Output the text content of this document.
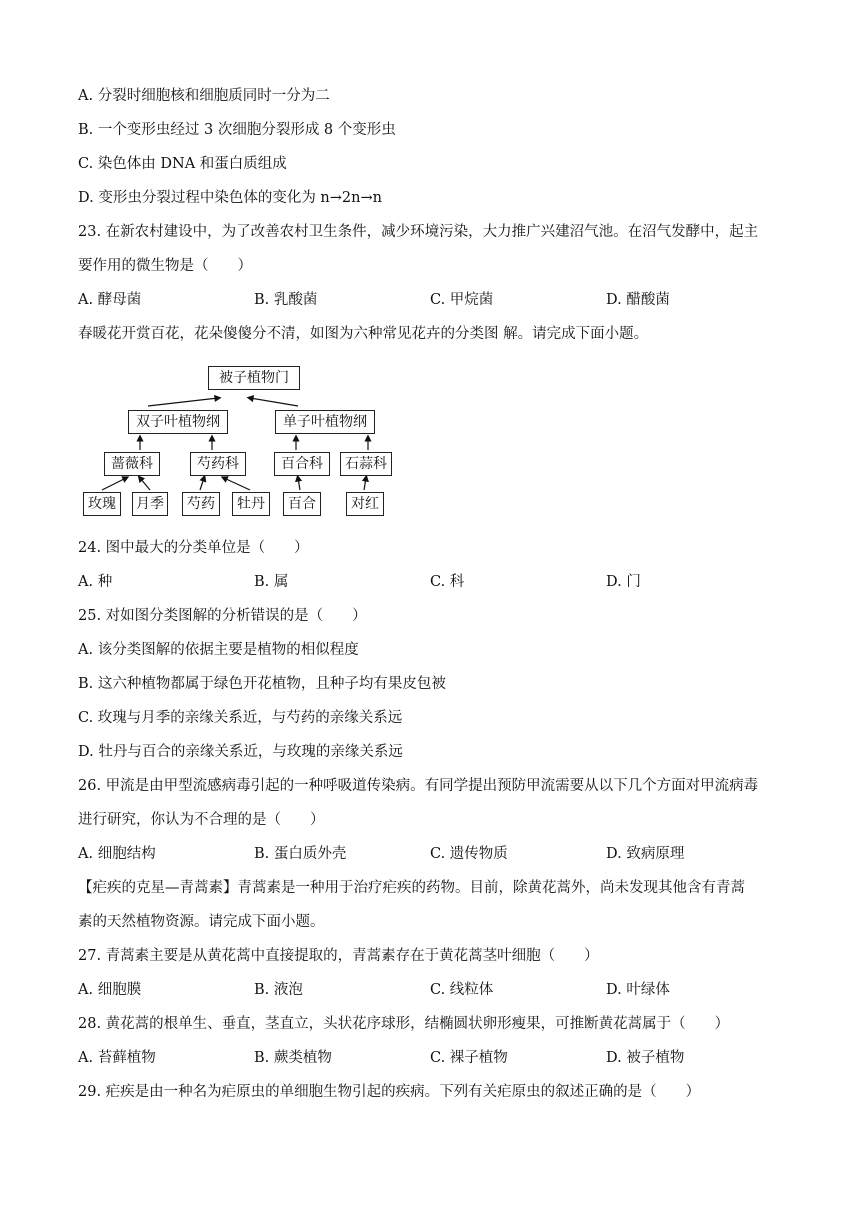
A. 分裂时细胞核和细胞质同时一分为二
B. 一个变形虫经过 3 次细胞分裂形成 8 个变形虫
C. 染色体由 DNA 和蛋白质组成
D. 变形虫分裂过程中染色体的变化为 n→2n→n
23. 在新农村建设中，为了改善农村卫生条件，减少环境污染，大力推广兴建沼气池。在沼气发酵中，起主
要作用的微生物是（　　）
A. 酵母菌	B. 乳酸菌	C. 甲烷菌	D. 醋酸菌
春暖花开赏百花，花朵傻傻分不清，如图为六种常见花卉的分类图 解。请完成下面小题。
被子植物门
双子叶植物纲	单子叶植物纲
蔷薇科	芍药科	百合科	石蒜科
玫瑰	月季	芍药	牡丹	百合	对红
24. 图中最大的分类单位是（　　）
A. 种	B. 属	C. 科	D. 门
25. 对如图分类图解的分析错误的是（　　）
A. 该分类图解的依据主要是植物的相似程度
B. 这六种植物都属于绿色开花植物，且种子均有果皮包被
C. 玫瑰与月季的亲缘关系近，与芍药的亲缘关系远
D. 牡丹与百合的亲缘关系近，与玫瑰的亲缘关系远
26. 甲流是由甲型流感病毒引起的一种呼吸道传染病。有同学提出预防甲流需要从以下几个方面对甲流病毒
进行研究，你认为不合理的是（　　）
A. 细胞结构	B. 蛋白质外壳	C. 遗传物质	D. 致病原理
【疟疾的克星—青蒿素】青蒿素是一种用于治疗疟疾的药物。目前，除黄花蒿外，尚未发现其他含有青蒿
素的天然植物资源。请完成下面小题。
27. 青蒿素主要是从黄花蒿中直接提取的，青蒿素存在于黄花蒿茎叶细胞（　　）
A. 细胞膜	B. 液泡	C. 线粒体	D. 叶绿体
28. 黄花蒿的根单生、垂直，茎直立，头状花序球形，结椭圆状卵形瘦果，可推断黄花蒿属于（　　）
A. 苔藓植物	B. 蕨类植物	C. 裸子植物	D. 被子植物
29. 疟疾是由一种名为疟原虫的单细胞生物引起的疾病。下列有关疟原虫的叙述正确的是（　　）
